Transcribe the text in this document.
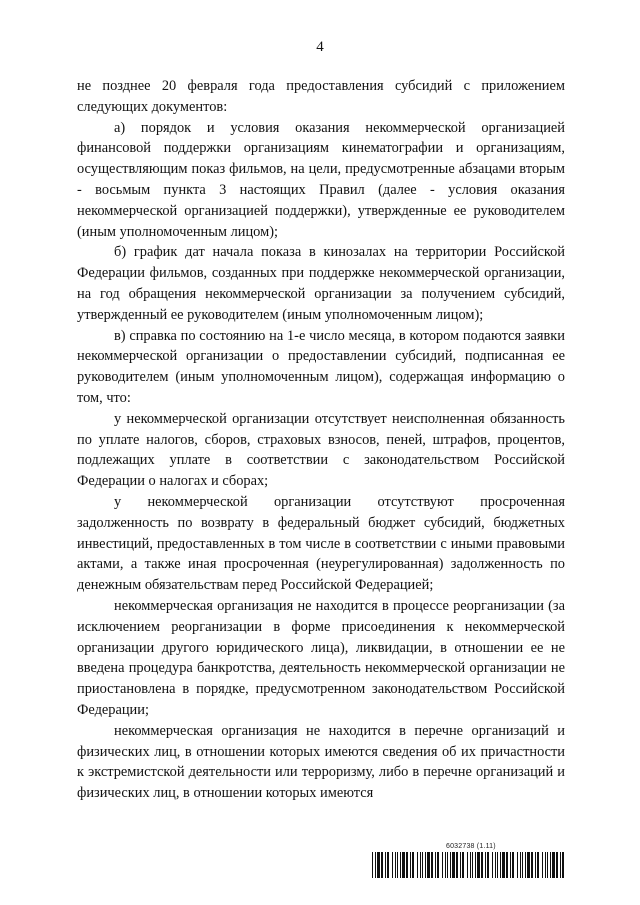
4

не позднее 20 февраля года предоставления субсидий с приложением следующих документов:

а) порядок и условия оказания некоммерческой организацией финансовой поддержки организациям кинематографии и организациям, осуществляющим показ фильмов, на цели, предусмотренные абзацами вторым - восьмым пункта 3 настоящих Правил (далее - условия оказания некоммерческой организацией поддержки), утвержденные ее руководителем (иным уполномоченным лицом);

б) график дат начала показа в кинозалах на территории Российской Федерации фильмов, созданных при поддержке некоммерческой организации, на год обращения некоммерческой организации за получением субсидий, утвержденный ее руководителем (иным уполномоченным лицом);

в) справка по состоянию на 1-е число месяца, в котором подаются заявки некоммерческой организации о предоставлении субсидий, подписанная ее руководителем (иным уполномоченным лицом), содержащая информацию о том, что:

у некоммерческой организации отсутствует неисполненная обязанность по уплате налогов, сборов, страховых взносов, пеней, штрафов, процентов, подлежащих уплате в соответствии с законодательством Российской Федерации о налогах и сборах;

у некоммерческой организации отсутствуют просроченная задолженность по возврату в федеральный бюджет субсидий, бюджетных инвестиций, предоставленных в том числе в соответствии с иными правовыми актами, а также иная просроченная (неурегулированная) задолженность по денежным обязательствам перед Российской Федерацией;

некоммерческая организация не находится в процессе реорганизации (за исключением реорганизации в форме присоединения к некоммерческой организации другого юридического лица), ликвидации, в отношении ее не введена процедура банкротства, деятельность некоммерческой организации не приостановлена в порядке, предусмотренном законодательством Российской Федерации;

некоммерческая организация не находится в перечне организаций и физических лиц, в отношении которых имеются сведения об их причастности к экстремистской деятельности или терроризму, либо в перечне организаций и физических лиц, в отношении которых имеются

6032738 (1.11)
